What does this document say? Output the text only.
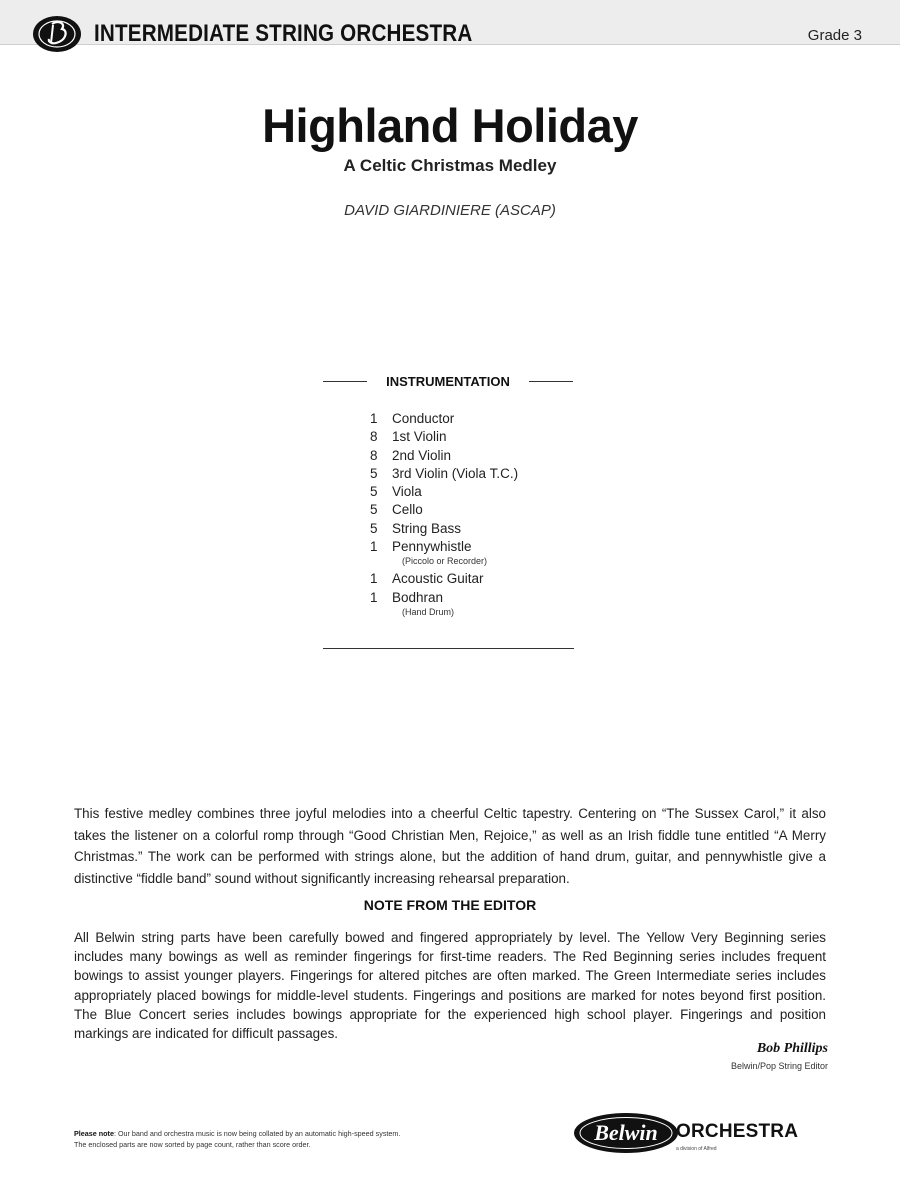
INTERMEDIATE STRING ORCHESTRA	Grade 3
Highland Holiday
A Celtic Christmas Medley
DAVID GIARDINIERE (ASCAP)
INSTRUMENTATION
1	Conductor
8	1st Violin
8	2nd Violin
5	3rd Violin (Viola T.C.)
5	Viola
5	Cello
5	String Bass
1	Pennywhistle
(Piccolo or Recorder)
1	Acoustic Guitar
1	Bodhran
(Hand Drum)
This festive medley combines three joyful melodies into a cheerful Celtic tapestry. Centering on “The Sussex Carol,” it also takes the listener on a colorful romp through “Good Christian Men, Rejoice,” as well as an Irish fiddle tune entitled “A Merry Christmas.” The work can be performed with strings alone, but the addition of hand drum, guitar, and pennywhistle give a distinctive “fiddle band” sound without significantly increasing rehearsal preparation.
NOTE FROM THE EDITOR
All Belwin string parts have been carefully bowed and fingered appropriately by level. The Yellow Very Beginning series includes many bowings as well as reminder fingerings for first-time readers. The Red Beginning series includes frequent bowings to assist younger players. Fingerings for altered pitches are often marked. The Green Intermediate series includes appropriately placed bowings for middle-level students. Fingerings and positions are marked for notes beyond first position. The Blue Concert series includes bowings appropriate for the experienced high school player. Fingerings and position markings are indicated for difficult passages.
Bob Phillips
Belwin/Pop String Editor
Please note: Our band and orchestra music is now being collated by an automatic high-speed system.
The enclosed parts are now sorted by page count, rather than score order.	Belwin ORCHESTRA
a division of Alfred
